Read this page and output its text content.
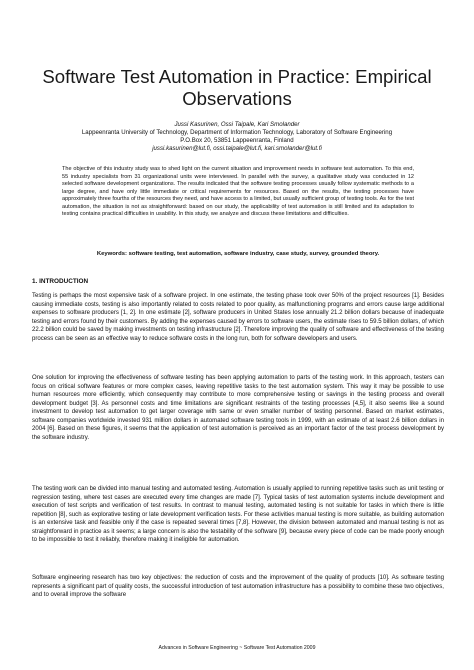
Software Test Automation in Practice: Empirical Observations
Jussi Kasurinen, Ossi Taipale, Kari Smolander
Lappeenranta University of Technology, Department of Information Technology, Laboratory of Software Engineering
P.O.Box 20, 53851 Lappeenranta, Finland
jussi.kasurinen@lut.fi, ossi.taipale@lut.fi, kari.smolander@lut.fi

The objective of this industry study was to shed light on the current situation and improvement needs in software test automation. To this end, 55 industry specialists from 31 organizational units were interviewed. In parallel with the survey, a qualitative study was conducted in 12 selected software development organizations. The results indicated that the software testing processes usually follow systematic methods to a large degree, and have only little immediate or critical requirements for resources. Based on the results, the testing processes have approximately three fourths of the resources they need, and have access to a limited, but usually sufficient group of testing tools. As for the test automation, the situation is not as straightforward: based on our study, the applicability of test automation is still limited and its adaptation to testing contains practical difficulties in usability. In this study, we analyze and discuss these limitations and difficulties.

Keywords: software testing, test automation, software industry, case study, survey, grounded theory.

1. INTRODUCTION

Testing is perhaps the most expensive task of a software project. In one estimate, the testing phase took over 50% of the project resources [1]. Besides causing immediate costs, testing is also importantly related to costs related to poor quality, as malfunctioning programs and errors cause large additional expenses to software producers [1, 2]. In one estimate [2], software producers in United States lose annually 21.2 billion dollars because of inadequate testing and errors found by their customers. By adding the expenses caused by errors to software users, the estimate rises to 59.5 billion dollars, of which 22.2 billion could be saved by making investments on testing infrastructure [2]. Therefore improving the quality of software and effectiveness of the testing process can be seen as an effective way to reduce software costs in the long run, both for software developers and users.

One solution for improving the effectiveness of software testing has been applying automation to parts of the testing work. In this approach, testers can focus on critical software features or more complex cases, leaving repetitive tasks to the test automation system. This way it may be possible to use human resources more efficiently, which consequently may contribute to more comprehensive testing or savings in the testing process and overall development budget [3]. As personnel costs and time limitations are significant restraints of the testing processes [4,5], it also seems like a sound investment to develop test automation to get larger coverage with same or even smaller number of testing personnel. Based on market estimates, software companies worldwide invested 931 million dollars in automated software testing tools in 1999, with an estimate of at least 2.6 billion dollars in 2004 [6]. Based on these figures, it seems that the application of test automation is perceived as an important factor of the test process development by the software industry.

The testing work can be divided into manual testing and automated testing. Automation is usually applied to running repetitive tasks such as unit testing or regression testing, where test cases are executed every time changes are made [7]. Typical tasks of test automation systems include development and execution of test scripts and verification of test results. In contrast to manual testing, automated testing is not suitable for tasks in which there is little repetition [8], such as explorative testing or late development verification tests. For these activities manual testing is more suitable, as building automation is an extensive task and feasible only if the case is repeated several times [7,8]. However, the division between automated and manual testing is not as straightforward in practice as it seems; a large concern is also the testability of the software [9], because every piece of code can be made poorly enough to be impossible to test it reliably, therefore making it ineligible for automation.

Software engineering research has two key objectives: the reduction of costs and the improvement of the quality of products [10]. As software testing represents a significant part of quality costs, the successful introduction of test automation infrastructure has a possibility to combine these two objectives, and to overall improve the software

Advances in Software Engineering ~ Software Test Automation 2009
